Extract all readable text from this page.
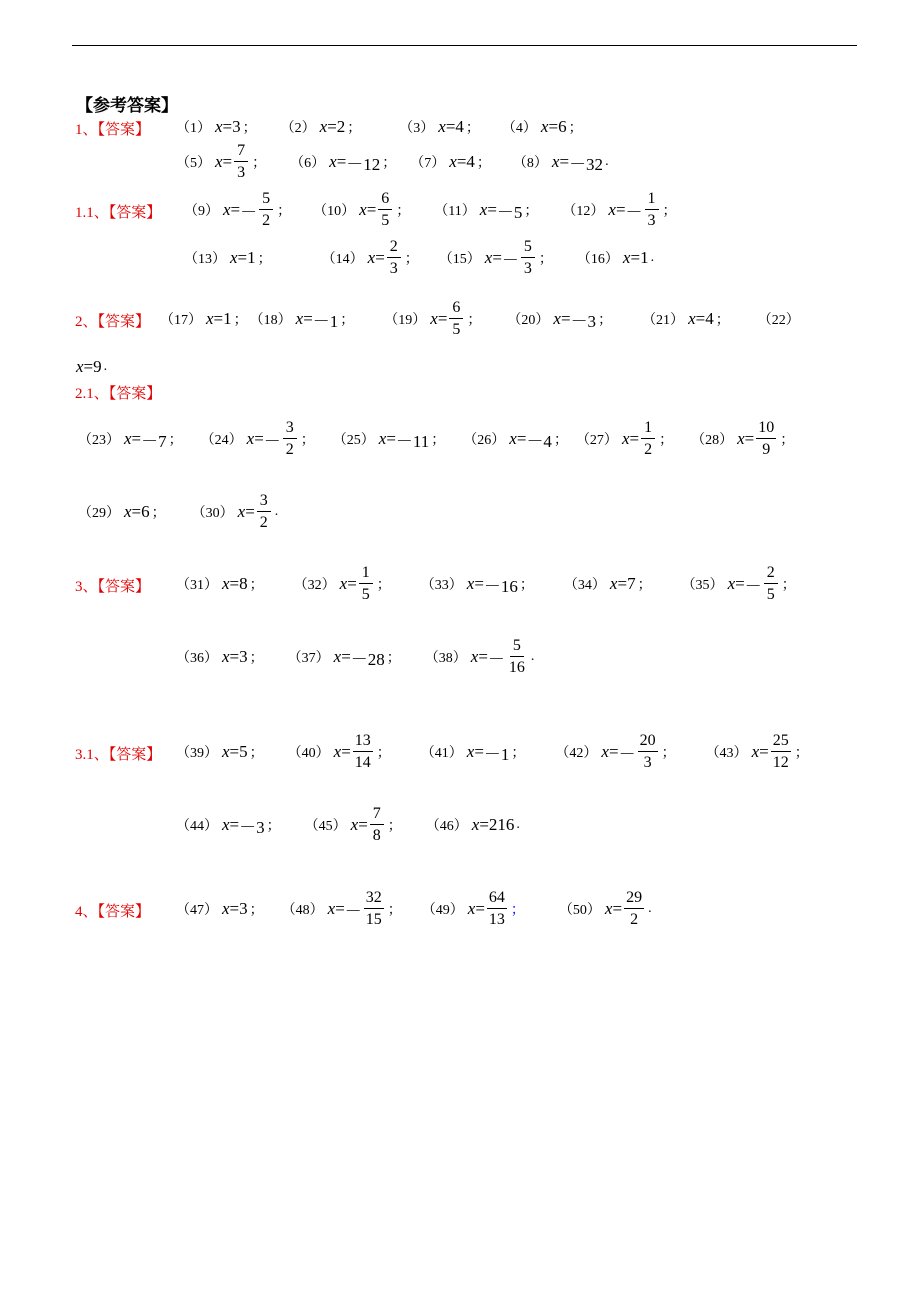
【参考答案】
1、【答案】 （1） x = 3 ； （2） x = 2 ；	（3） x = 4 ； （4） x = 6 ；
（5） $x = \frac{7}{3}$ ； （6） x = －12 ； （7） x = 4 ； （8） x = －32 .
1.1、【答案】 （9） x = － $\frac{5}{2}$ ； （10） $x = \frac{6}{5}$ ； （11） x = －5 ； （12） x = － $\frac{1}{3}$ ；
（13） x = 1 ；	（14） $x = \frac{2}{3}$ ； （15） x = － $\frac{5}{3}$ ； （16） x = 1 .
2、【答案】 （17） x = 1 ； （18） x = －1 ； （19） $x = \frac{6}{5}$ ； （20） x = －3 ； （21） x = 4 ； （22）
x = 9 .
2.1、【答案】
（23） x = －7 ； （24） x = － $\frac{3}{2}$ ； （25） x = －11 ； （26） x = －4 ； （27） $x = \frac{1}{2}$ ； （28） $x = \frac{10}{9}$ ；
（29） x = 6 ； （30） $x = \frac{3}{2}$ .
3、【答案】 （31） x = 8 ； （32） $x = \frac{1}{5}$ ； （33） x = －16 ； （34） x = 7 ； （35） x = － $\frac{2}{5}$ ；
（36） x = 3 ； （37） x = －28 ； （38） x = － $\frac{5}{16}$ .
3.1、【答案】 （39） x = 5 ； （40） $x = \frac{13}{14}$ ； （41） x = －1 ； （42） x = － $\frac{20}{3}$ ； （43） $x = \frac{25}{12}$ ；
（44） x = －3 ； （45） $x = \frac{7}{8}$ ； （46） x = 216 .
4、【答案】 （47） x = 3 ； （48） x = － $\frac{32}{15}$ ； （49） $x = \frac{64}{13}$ ； （50） $x = \frac{29}{2}$ .
